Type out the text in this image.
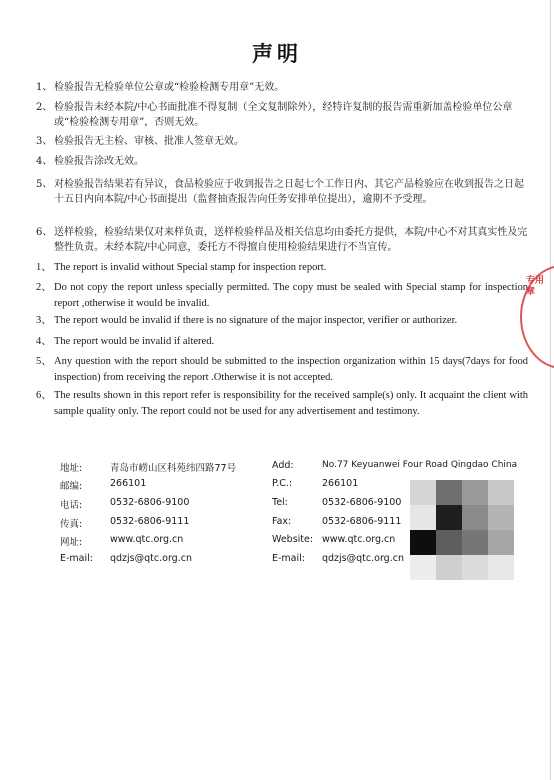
声明
1、 检验报告无检验单位公章或“检验检测专用章”无效。
2、 检验报告未经本院/中心书面批准不得复制（全文复制除外），经特许复制的报告需重新加盖检验单位公章或“检验检测专用章”，否则无效。
3、 检验报告无主检、审核、批准人签章无效。
4、 检验报告涂改无效。
5、 对检验报告结果若有异议，食品检验应于收到报告之日起七个工作日内、其它产品检验应在收到报告之日起十五日内向本院/中心书面提出（监督抽查报告向任务安排单位提出），逾期不予受理。
6、 送样检验，检验结果仅对来样负责，送样检验样品及相关信息均由委托方提供，本院/中心不对其真实性及完整性负责。未经本院/中心同意，委托方不得擅自使用检验结果进行不当宣传。
1、 The report is invalid without Special stamp for inspection report.
2、 Do not copy the report unless specially permitted. The copy must be sealed with Special stamp for inspection report ,otherwise it would be invalid.
3、 The report would be invalid if there is no signature of the major inspector, verifier or authorizer.
4、 The report would be invalid if altered.
5、 Any question with the report should be submitted to the inspection organization within 15 days(7days for food inspection) from receiving the report .Otherwise it is not accepted.
6、 The results shown in this report refer is responsibility for the received sample(s) only. It acquaint the client with sample quality only. The report could not be used for any advertisement and testimony.
专用章
地址:	青岛市崂山区科苑纬四路77号
邮编:	266101
电话:	0532-6806-9100
传真:	0532-6806-9111
网址:	www.qtc.org.cn
E-mail: qdzjs@qtc.org.cn
Add:	No.77 Keyuanwei Four Road Qingdao China
P.C.:	266101
Tel:	0532-6806-9100
Fax:	0532-6806-9111
Website: www.qtc.org.cn
E-mail: qdzjs@qtc.org.cn
